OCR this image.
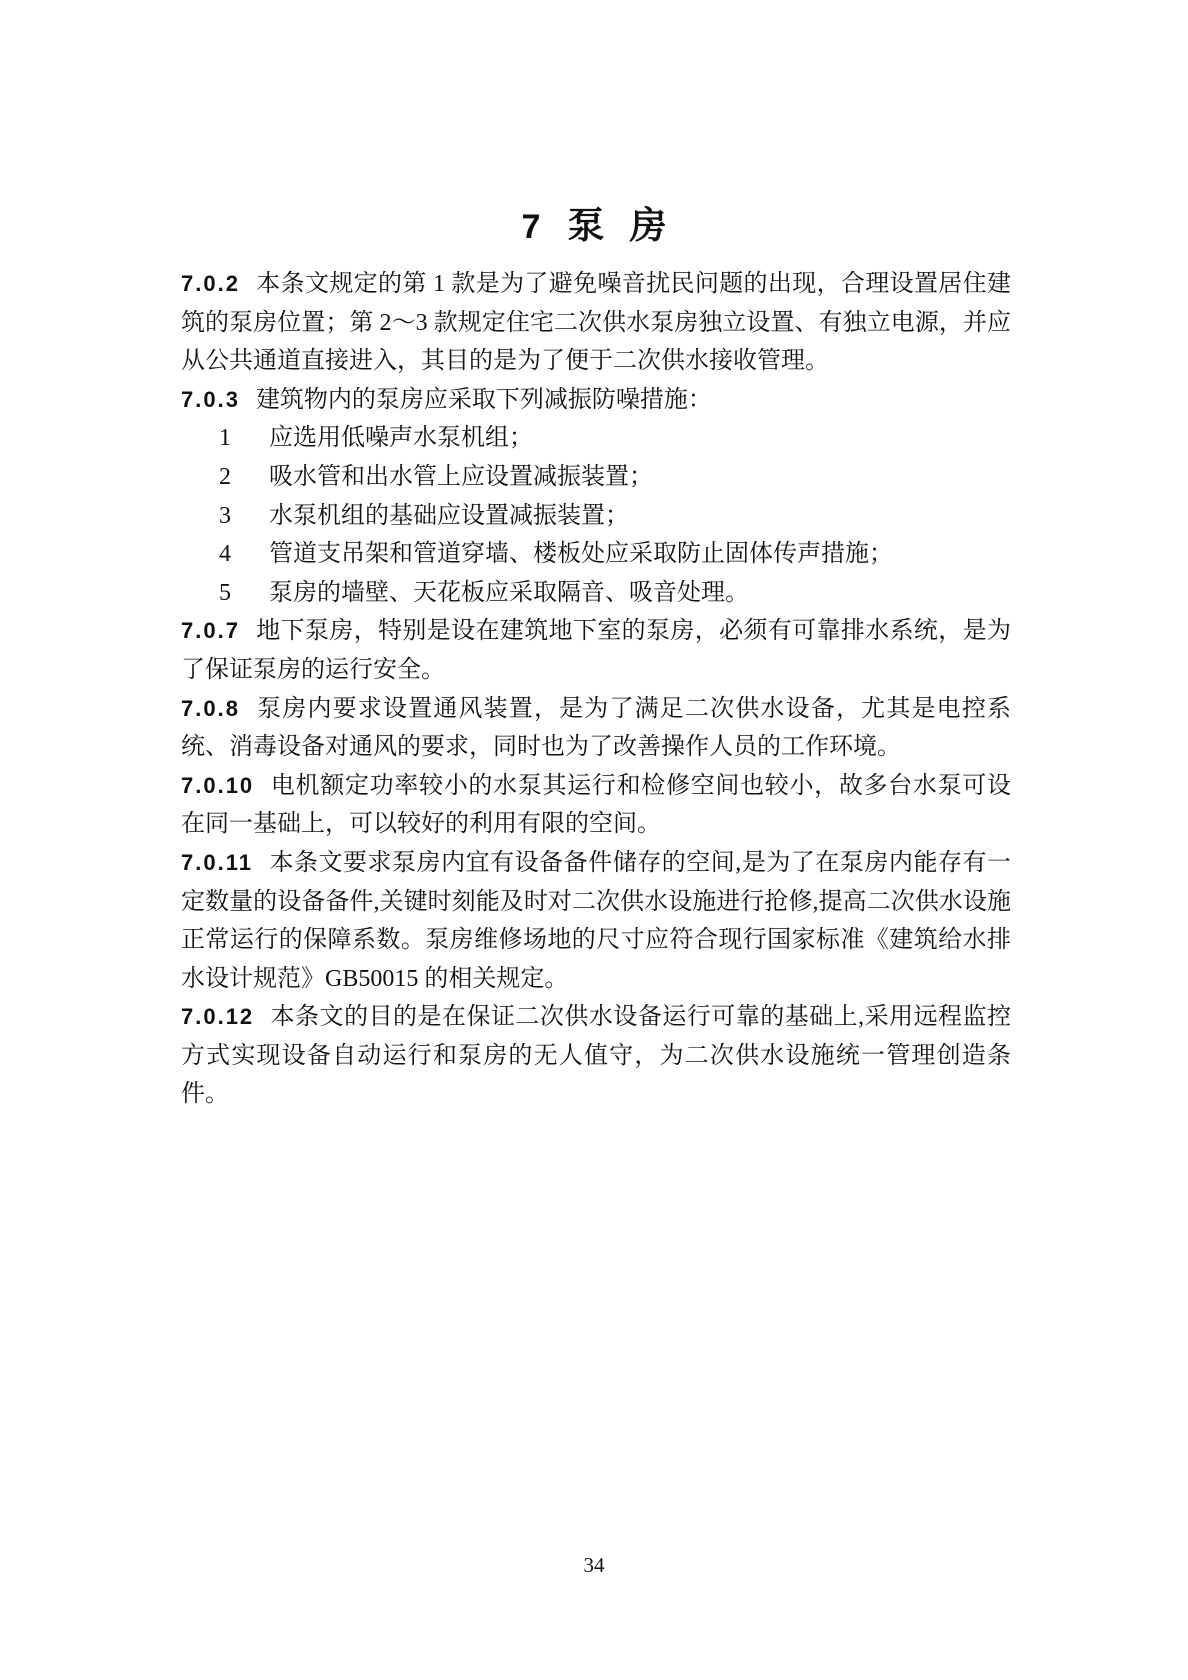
7 泵房

7.0.2 本条文规定的第 1 款是为了避免噪音扰民问题的出现，合理设置居住建筑的泵房位置；第 2～3 款规定住宅二次供水泵房独立设置、有独立电源，并应从公共通道直接进入，其目的是为了便于二次供水接收管理。

7.0.3 建筑物内的泵房应采取下列减振防噪措施：

1 应选用低噪声水泵机组；

2 吸水管和出水管上应设置减振装置；

3 水泵机组的基础应设置减振装置；

4 管道支吊架和管道穿墙、楼板处应采取防止固体传声措施；

5 泵房的墙壁、天花板应采取隔音、吸音处理。

7.0.7 地下泵房，特别是设在建筑地下室的泵房，必须有可靠排水系统，是为了保证泵房的运行安全。

7.0.8 泵房内要求设置通风装置，是为了满足二次供水设备，尤其是电控系统、消毒设备对通风的要求，同时也为了改善操作人员的工作环境。

7.0.10 电机额定功率较小的水泵其运行和检修空间也较小，故多台水泵可设在同一基础上，可以较好的利用有限的空间。

7.0.11 本条文要求泵房内宜有设备备件储存的空间,是为了在泵房内能存有一定数量的设备备件,关键时刻能及时对二次供水设施进行抢修,提高二次供水设施正常运行的保障系数。泵房维修场地的尺寸应符合现行国家标准《建筑给水排水设计规范》GB50015 的相关规定。

7.0.12 本条文的目的是在保证二次供水设备运行可靠的基础上,采用远程监控方式实现设备自动运行和泵房的无人值守，为二次供水设施统一管理创造条件。

34
